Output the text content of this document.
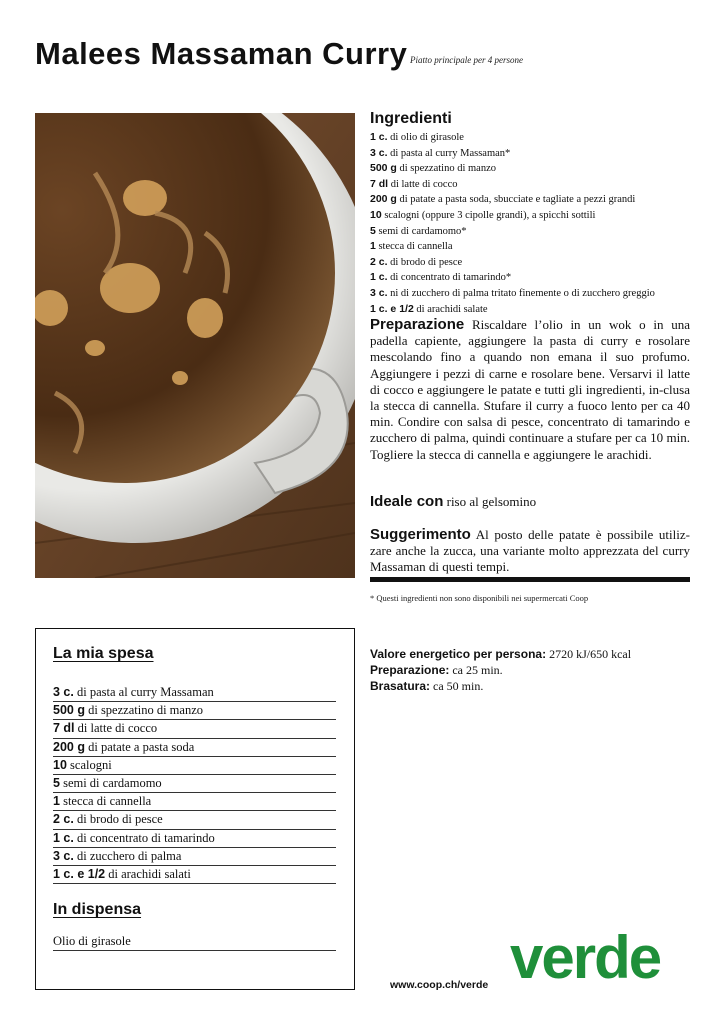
Malees Massaman Curry Piatto principale per 4 persone
Ingredienti
1 c. di olio di girasole
3 c. di pasta al curry Massaman*
500 g di spezzatino di manzo
7 dl di latte di cocco
200 g di patate a pasta soda, sbucciate e tagliate a pezzi grandi
10 scalogni (oppure 3 cipolle grandi), a spicchi sottili
5 semi di cardamomo*
1 stecca di cannella
2 c. di brodo di pesce
1 c. di concentrato di tamarindo*
3 c. ni di zucchero di palma tritato finemente o di zucchero greggio
1 c. e 1/2 di arachidi salate
Preparazione Riscaldare l’olio in un wok o in una padella capiente, aggiungere la pasta di curry e rosolare mescolando fino a quando non emana il suo profumo. Aggiungere i pezzi di carne e rosolare bene. Versarvi il latte di cocco e aggiungere le patate e tutti gli ingredienti, in-clusa la stecca di cannella. Stufare il curry a fuoco lento per ca 40 min. Condire con salsa di pesce, concentrato di tamarindo e zucchero di palma, quindi continuare a stufare per ca 10 min. Togliere la stecca di cannella e aggiungere le arachidi.
Ideale con riso al gelsomino
Suggerimento Al posto delle patate è possibile utiliz-zare anche la zucca, una variante molto apprezzata del curry Massaman di questi tempi.
* Questi ingredienti non sono disponibili nei supermercati Coop
La mia spesa
3 c. di pasta al curry Massaman
500 g di spezzatino di manzo
7 dl di latte di cocco
200 g di patate a pasta soda
10 scalogni
5 semi di cardamomo
1 stecca di cannella
2 c. di brodo di pesce
1 c. di concentrato di tamarindo
3 c. di zucchero di palma
1 c. e 1/2 di arachidi salati
In dispensa
Olio di girasole
Valore energetico per persona: 2720 kJ/650 kcal
Preparazione: ca 25 min.
Brasatura: ca 50 min.
www.coop.ch/verde verde
